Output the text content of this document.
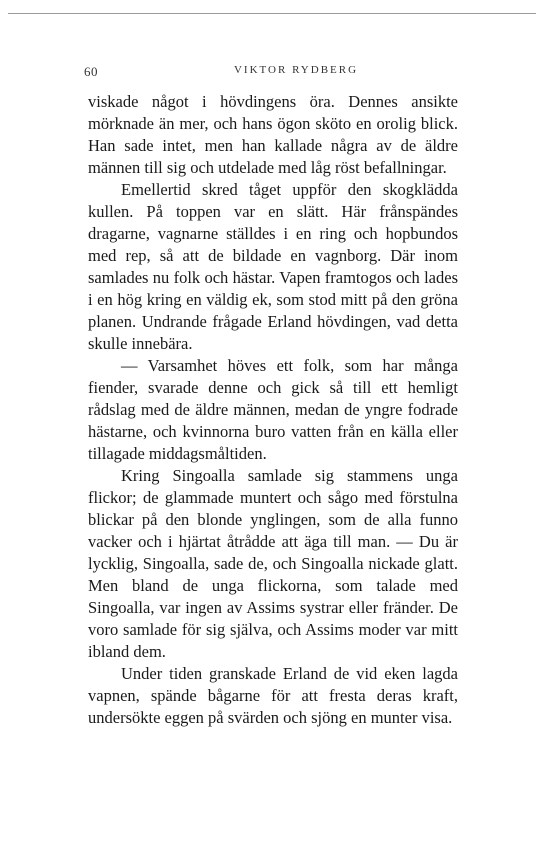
60	VIKTOR RYDBERG

viskade något i hövdingens öra. Dennes ansikte mörknade än mer, och hans ögon sköto en orolig blick. Han sade intet, men han kallade några av de äldre männen till sig och utdelade med låg röst befallningar.

Emellertid skred tåget uppför den skogklädda kullen. På toppen var en slätt. Här frånspändes dragarne, vagnarne ställdes i en ring och hopbundos med rep, så att de bildade en vagnborg. Där inom samlades nu folk och hästar. Vapen framtogos och lades i en hög kring en väldig ek, som stod mitt på den gröna planen. Undrande frågade Erland hövdingen, vad detta skulle innebära.

— Varsamhet höves ett folk, som har många fiender, svarade denne och gick så till ett hemligt rådslag med de äldre männen, medan de yngre fodrade hästarne, och kvinnorna buro vatten från en källa eller tillagade middagsmåltiden.

Kring Singoalla samlade sig stammens unga flickor; de glammade muntert och sågo med förstulna blickar på den blonde ynglingen, som de alla funno vacker och i hjärtat åtrådde att äga till man. — Du är lycklig, Singoalla, sade de, och Singoalla nickade glatt. Men bland de unga flickorna, som talade med Singoalla, var ingen av Assims systrar eller fränder. De voro samlade för sig själva, och Assims moder var mitt ibland dem.

Under tiden granskade Erland de vid eken lagda vapnen, spände bågarne för att fresta deras kraft, undersökte eggen på svärden och sjöng en munter visa.
